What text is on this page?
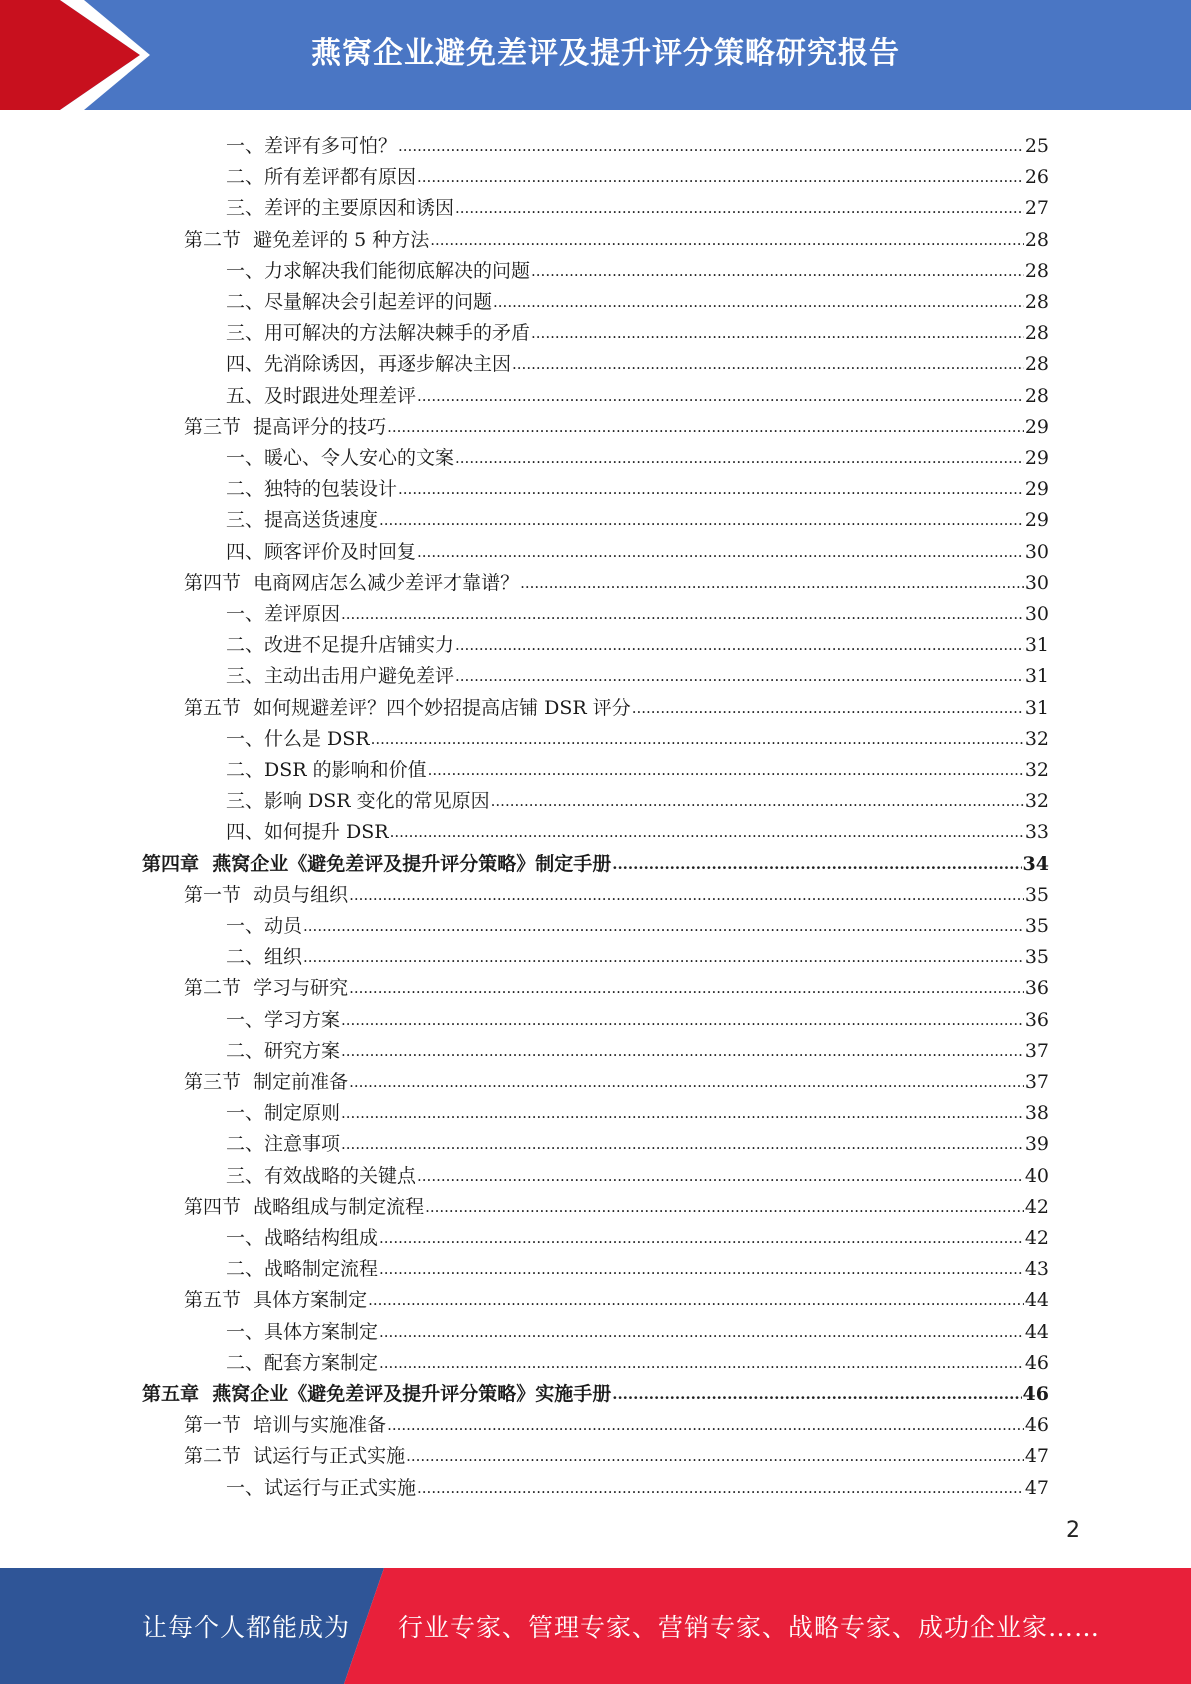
燕窝企业避免差评及提升评分策略研究报告
一、差评有多可怕？ .....	25
二、所有差评都有原因 .....	26
三、差评的主要原因和诱因 .....	27
第二节  避免差评的 5 种方法 .....	28
一、力求解决我们能彻底解决的问题 .....	28
二、尽量解决会引起差评的问题 .....	28
三、用可解决的方法解决棘手的矛盾 .....	28
四、先消除诱因，再逐步解决主因 .....	28
五、及时跟进处理差评 .....	28
第三节  提高评分的技巧 .....	29
一、暖心、令人安心的文案 .....	29
二、独特的包装设计 .....	29
三、提高送货速度 .....	29
四、顾客评价及时回复 .....	30
第四节  电商网店怎么减少差评才靠谱？ .....	30
一、差评原因 .....	30
二、改进不足提升店铺实力 .....	31
三、主动出击用户避免差评 .....	31
第五节  如何规避差评？四个妙招提高店铺 DSR 评分 .....	31
一、什么是 DSR .....	32
二、DSR 的影响和价值 .....	32
三、影响 DSR 变化的常见原因 .....	32
四、如何提升 DSR .....	33
第四章  燕窝企业《避免差评及提升评分策略》制定手册 .....	34
第一节  动员与组织 .....	35
一、动员 .....	35
二、组织 .....	35
第二节  学习与研究 .....	36
一、学习方案 .....	36
二、研究方案 .....	37
第三节  制定前准备 .....	37
一、制定原则 .....	38
二、注意事项 .....	39
三、有效战略的关键点 .....	40
第四节  战略组成与制定流程 .....	42
一、战略结构组成 .....	42
二、战略制定流程 .....	43
第五节  具体方案制定 .....	44
一、具体方案制定 .....	44
二、配套方案制定 .....	46
第五章  燕窝企业《避免差评及提升评分策略》实施手册 .....	46
第一节  培训与实施准备 .....	46
第二节  试运行与正式实施 .....	47
一、试运行与正式实施 .....	47
2
让每个人都能成为 行业专家、管理专家、营销专家、战略专家、成功企业家……
